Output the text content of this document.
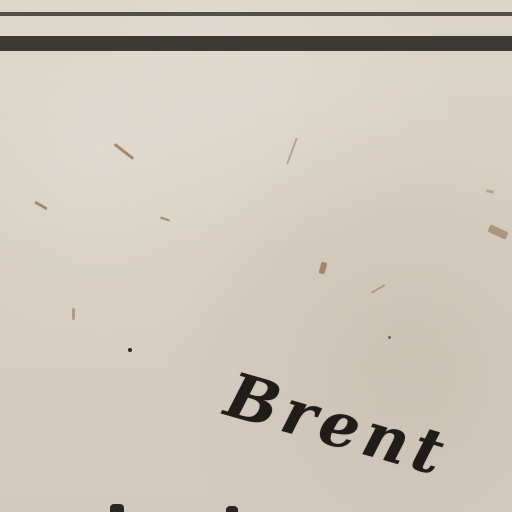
Brent
